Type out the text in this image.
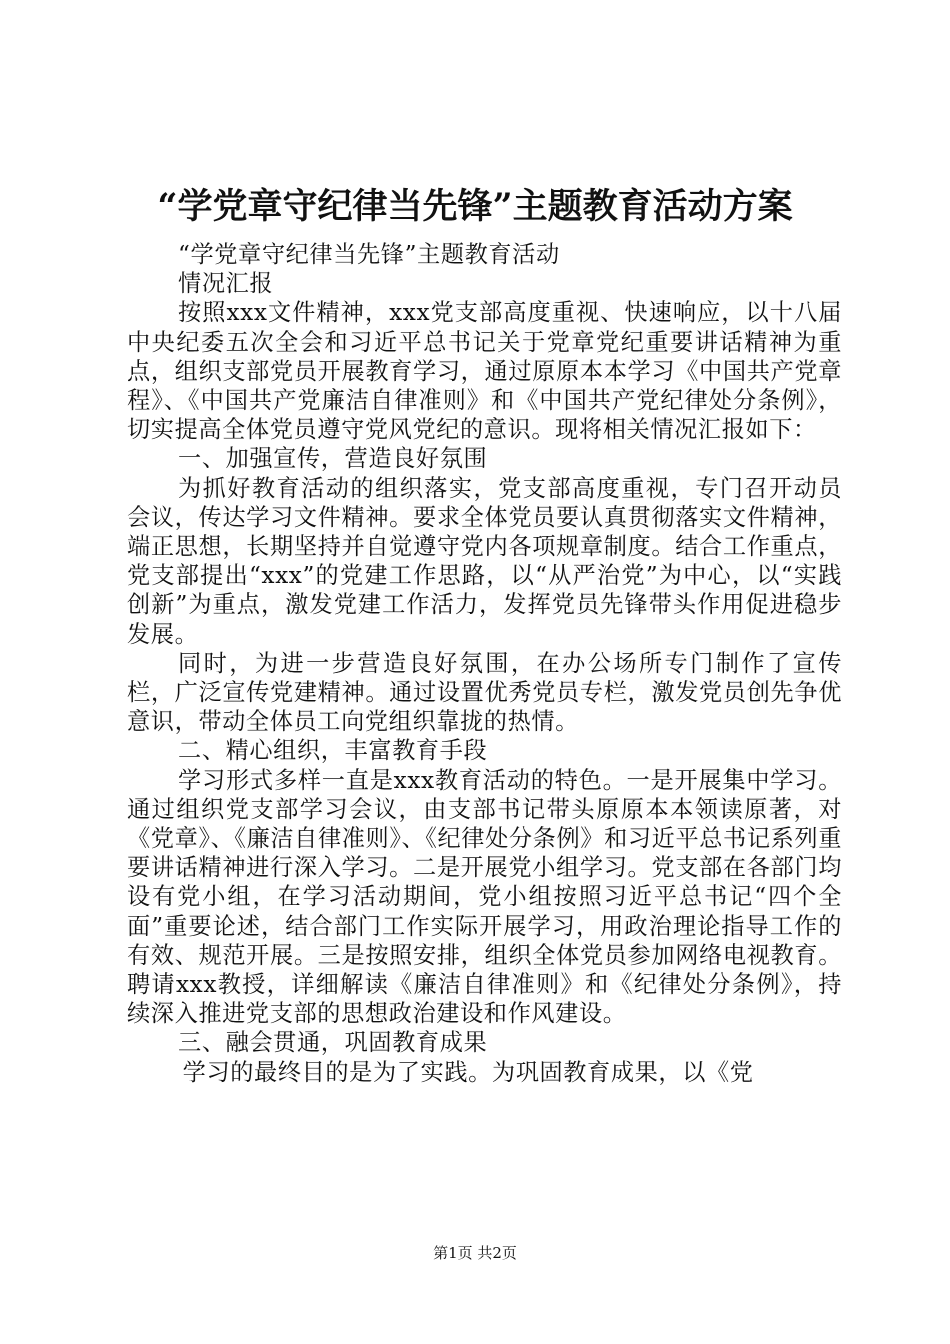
“学党章守纪律当先锋”主题教育活动方案

“学党章守纪律当先锋”主题教育活动

情况汇报

按照xxx文件精神，xxx党支部高度重视、快速响应，以十八届中央纪委五次全会和习近平总书记关于党章党纪重要讲话精神为重点，组织支部党员开展教育学习，通过原原本本学习《中国共产党章程》、《中国共产党廉洁自律准则》和《中国共产党纪律处分条例》，切实提高全体党员遵守党风党纪的意识。现将相关情况汇报如下：

一、加强宣传，营造良好氛围

为抓好教育活动的组织落实，党支部高度重视，专门召开动员会议，传达学习文件精神。要求全体党员要认真贯彻落实文件精神，端正思想，长期坚持并自觉遵守党内各项规章制度。结合工作重点，党支部提出“xxx”的党建工作思路，以“从严治党”为中心，以“实践创新”为重点，激发党建工作活力，发挥党员先锋带头作用促进稳步发展。

同时，为进一步营造良好氛围，在办公场所专门制作了宣传栏，广泛宣传党建精神。通过设置优秀党员专栏，激发党员创先争优意识，带动全体员工向党组织靠拢的热情。

二、精心组织，丰富教育手段

学习形式多样一直是xxx教育活动的特色。一是开展集中学习。通过组织党支部学习会议，由支部书记带头原原本本领读原著，对《党章》、《廉洁自律准则》、《纪律处分条例》和习近平总书记系列重要讲话精神进行深入学习。二是开展党小组学习。党支部在各部门均设有党小组，在学习活动期间，党小组按照习近平总书记“四个全面”重要论述，结合部门工作实际开展学习，用政治理论指导工作的有效、规范开展。三是按照安排，组织全体党员参加网络电视教育。聘请xxx教授，详细解读《廉洁自律准则》和《纪律处分条例》，持续深入推进党支部的思想政治建设和作风建设。

三、融会贯通，巩固教育成果

学习的最终目的是为了实践。为巩固教育成果，以《党

第1页 共2页
